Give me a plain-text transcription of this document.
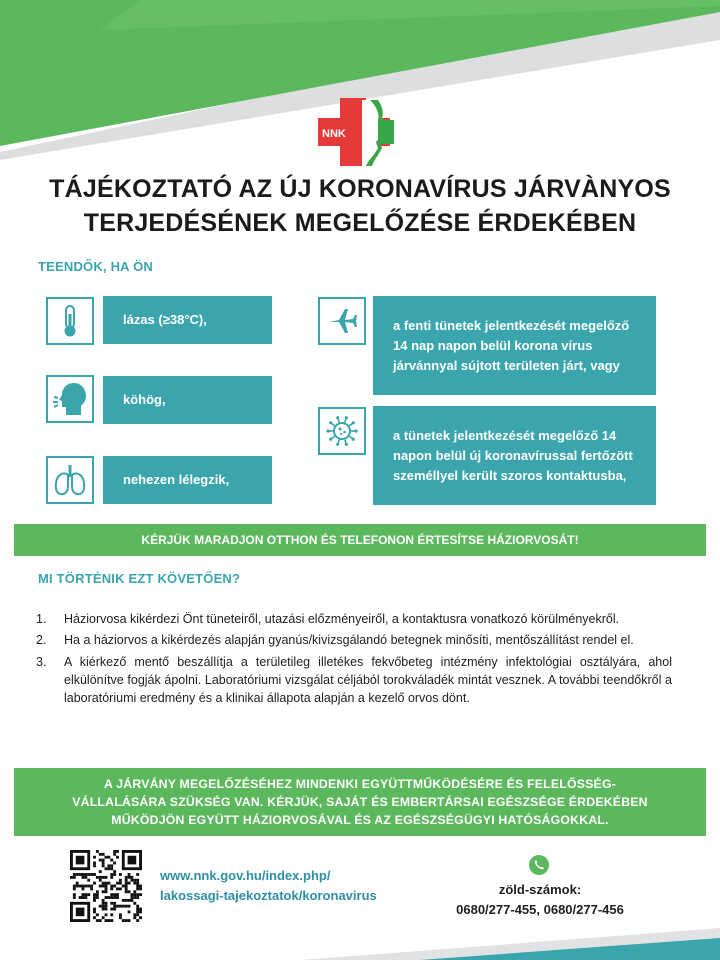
NNK
TÁJÉKOZTATÓ AZ ÚJ KORONAVÍRUS JÁRVÀNYOS
TERJEDÉSÉNEK MEGELŐZÉSE ÉRDEKÉBEN
TEENDŐK, HA ÖN
lázas (≥38°C),
köhög,
nehezen lélegzik,
a fenti tünetek jelentkezését megelőző 14 nap napon belül korona vírus járvánnyal sújtott területen járt, vagy
a tünetek jelentkezését megelőző 14 napon belül új koronavírussal fertőzött személlyel került szoros kontaktusba,
KÉRJÜK MARADJON OTTHON ÉS TELEFONON ÉRTESÍTSE HÁZIORVOSÁT!
MI TÖRTÉNIK EZT KÖVETŐEN?
1.	Háziorvosa kikérdezi Önt tüneteiről, utazási előzményeiről, a kontaktusra vonatkozó körülményekről.
2.	Ha a háziorvos a kikérdezés alapján gyanús/kivizsgálandó betegnek minősíti, mentőszállítást rendel el.
3.	A kiérkező mentő beszállítja a területileg illetékes fekvőbeteg intézmény infektológiai osztályára, ahol elkülönítve fogják ápolni. Laboratóriumi vizsgálat céljából torokváladék mintát vesznek. A további teendőkről a laboratóriumi eredmény és a klinikai állapota alapján a kezelő orvos dönt.
A JÁRVÁNY MEGELŐZÉSÉHEZ MINDENKI EGYÜTTMŰKÖDÉSÉRE ÉS FELELŐSSÉG-
VÁLLALÁSÁRA SZÜKSÉG VAN. KÉRJÜK, SAJÁT ÉS EMBERTÁRSAI EGÉSZSÉGE ÉRDEKÉBEN
MŰKÖDJÖN EGYÜTT HÁZIORVOSÁVAL ÉS AZ EGÉSZSÉGÜGYI HATÓSÁGOKKAL.
www.nnk.gov.hu/index.php/
lakossagi-tajekoztatok/koronavirus	zöld-számok:
0680/277-455, 0680/277-456
